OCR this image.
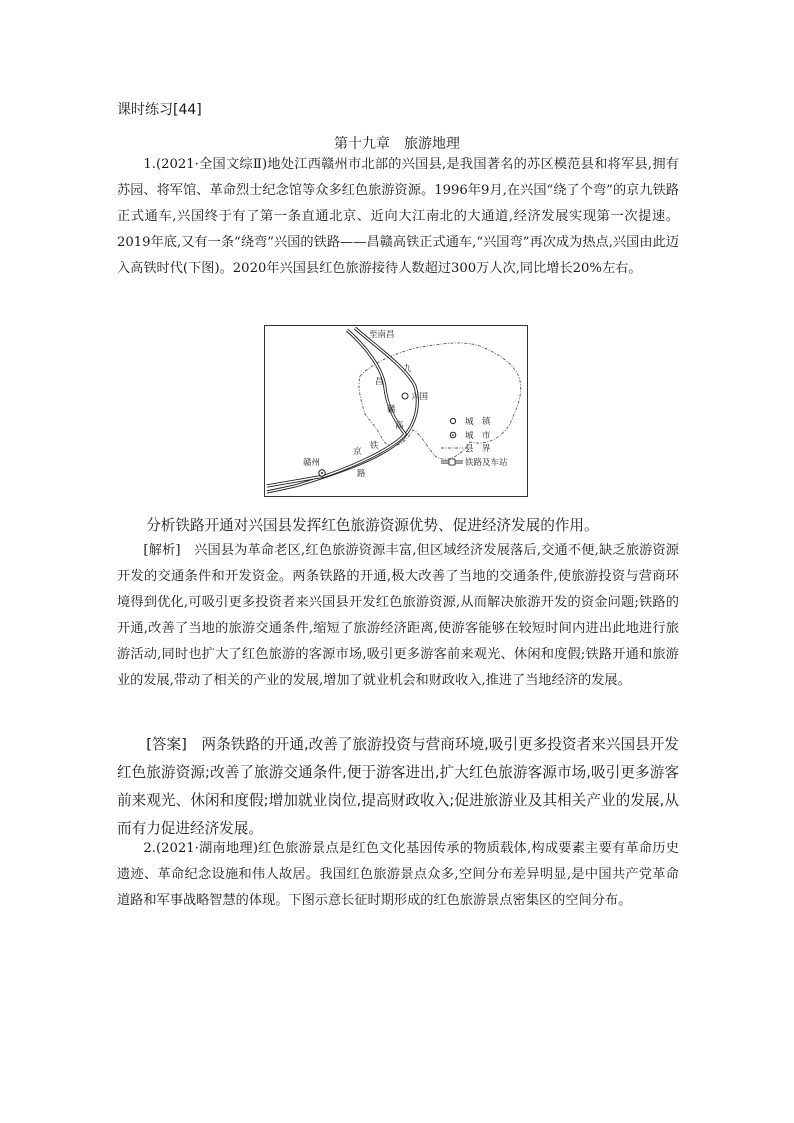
课时练习[44]
第十九章　旅游地理

1.(2021·全国文综Ⅱ)地处江西赣州市北部的兴国县,是我国著名的苏区模范县和将军县,拥有苏园、将军馆、革命烈士纪念馆等众多红色旅游资源。1996年9月,在兴国“绕了个弯”的京九铁路正式通车,兴国终于有了第一条直通北京、近向大江南北的大通道,经济发展实现第一次提速。2019年底,又有一条“绕弯”兴国的铁路——昌赣高铁正式通车,“兴国弯”再次成为热点,兴国由此迈入高铁时代(下图)。2020年兴国县红色旅游接待人数超过300万人次,同比增长20%左右。

至南昌
九
兴国
昌
赣
高
铁
京
路
赣州
城　镇
城　市
县　界
铁路及车站

分析铁路开通对兴国县发挥红色旅游资源优势、促进经济发展的作用。

[解析]　兴国县为革命老区,红色旅游资源丰富,但区域经济发展落后,交通不便,缺乏旅游资源开发的交通条件和开发资金。两条铁路的开通,极大改善了当地的交通条件,使旅游投资与营商环境得到优化,可吸引更多投资者来兴国县开发红色旅游资源,从而解决旅游开发的资金问题;铁路的开通,改善了当地的旅游交通条件,缩短了旅游经济距离,使游客能够在较短时间内进出此地进行旅游活动,同时也扩大了红色旅游的客源市场,吸引更多游客前来观光、休闲和度假;铁路开通和旅游业的发展,带动了相关的产业的发展,增加了就业机会和财政收入,推进了当地经济的发展。

[答案]　两条铁路的开通,改善了旅游投资与营商环境,吸引更多投资者来兴国县开发红色旅游资源;改善了旅游交通条件,便于游客进出,扩大红色旅游客源市场,吸引更多游客前来观光、休闲和度假;增加就业岗位,提高财政收入;促进旅游业及其相关产业的发展,从而有力促进经济发展。

2.(2021·湖南地理)红色旅游景点是红色文化基因传承的物质载体,构成要素主要有革命历史遗迹、革命纪念设施和伟人故居。我国红色旅游景点众多,空间分布差异明显,是中国共产党革命道路和军事战略智慧的体现。下图示意长征时期形成的红色旅游景点密集区的空间分布。
